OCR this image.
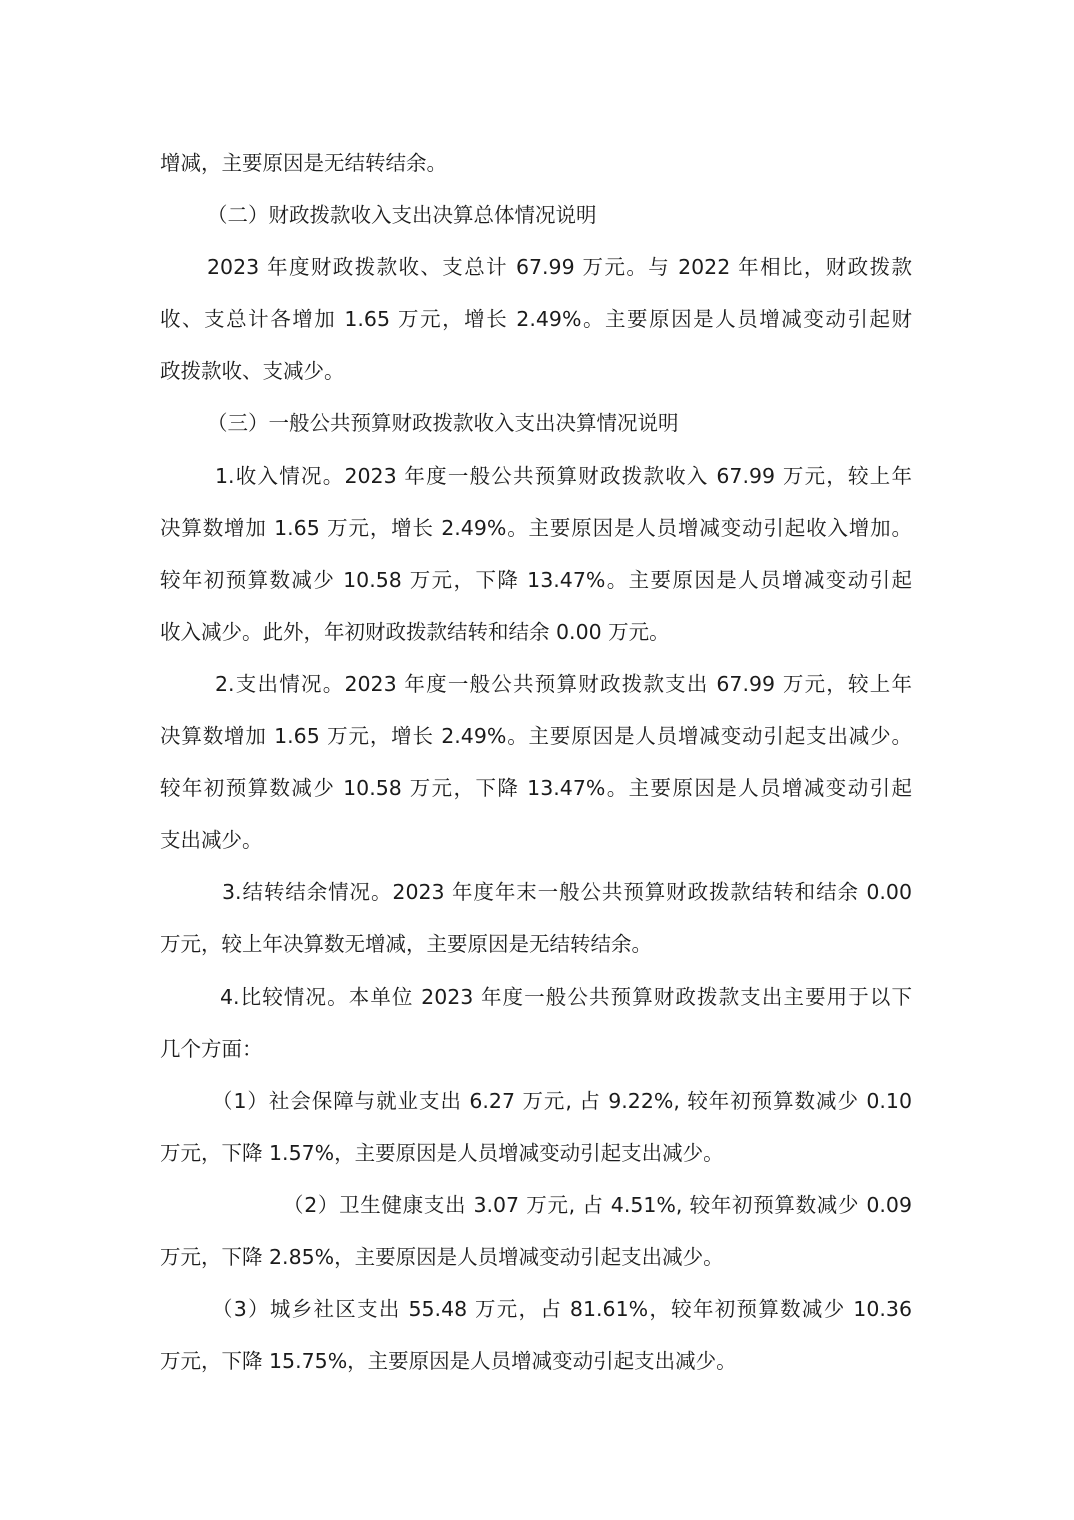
增减，主要原因是无结转结余。
（二）财政拨款收入支出决算总体情况说明
2023 年度财政拨款收、支总计 67.99 万元。与 2022 年相比，财政拨款
收、支总计各增加 1.65 万元，增长 2.49%。主要原因是人员增减变动引起财
政拨款收、支减少。
（三）一般公共预算财政拨款收入支出决算情况说明
1.收入情况。2023 年度一般公共预算财政拨款收入 67.99 万元，较上年
决算数增加 1.65 万元，增长 2.49%。主要原因是人员增减变动引起收入增加。
较年初预算数减少 10.58 万元，下降 13.47%。主要原因是人员增减变动引起
收入减少。此外，年初财政拨款结转和结余 0.00 万元。
2.支出情况。2023 年度一般公共预算财政拨款支出 67.99 万元，较上年
决算数增加 1.65 万元，增长 2.49%。主要原因是人员增减变动引起支出减少。
较年初预算数减少 10.58 万元，下降 13.47%。主要原因是人员增减变动引起
支出减少。
3.结转结余情况。2023 年度年末一般公共预算财政拨款结转和结余 0.00
万元，较上年决算数无增减，主要原因是无结转结余。
4.比较情况。本单位 2023 年度一般公共预算财政拨款支出主要用于以下
几个方面：
（1）社会保障与就业支出 6.27 万元, 占 9.22%, 较年初预算数减少 0.10
万元，下降 1.57%，主要原因是人员增减变动引起支出减少。
（2）卫生健康支出 3.07 万元, 占 4.51%, 较年初预算数减少 0.09
万元，下降 2.85%，主要原因是人员增减变动引起支出减少。
（3）城乡社区支出 55.48 万元，占 81.61%，较年初预算数减少 10.36
万元，下降 15.75%，主要原因是人员增减变动引起支出减少。
